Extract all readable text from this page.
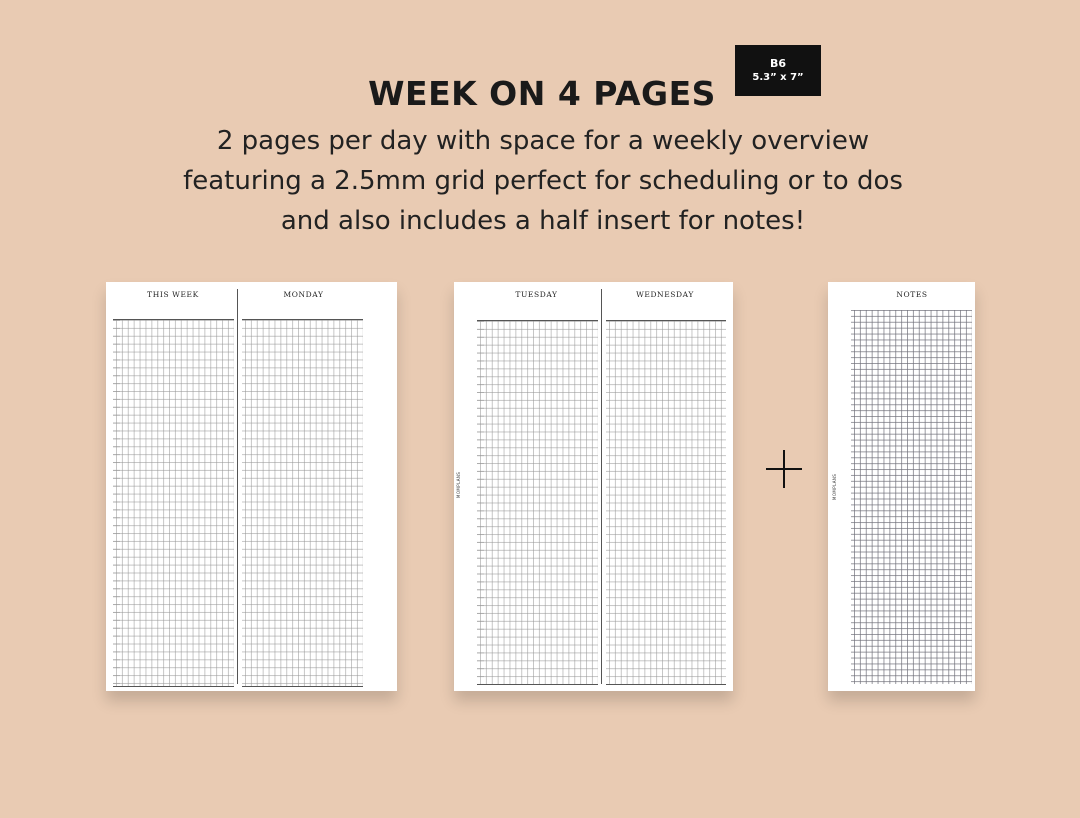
WEEK ON 4 PAGES
B6
5.3” x 7”
2 pages per day with space for a weekly overview
featuring a 2.5mm grid perfect for scheduling or to dos
and also includes a half insert for notes!
THIS WEEK	MONDAY
MOMPLANS
TUESDAY	WEDNESDAY
MOMPLANS
NOTES
